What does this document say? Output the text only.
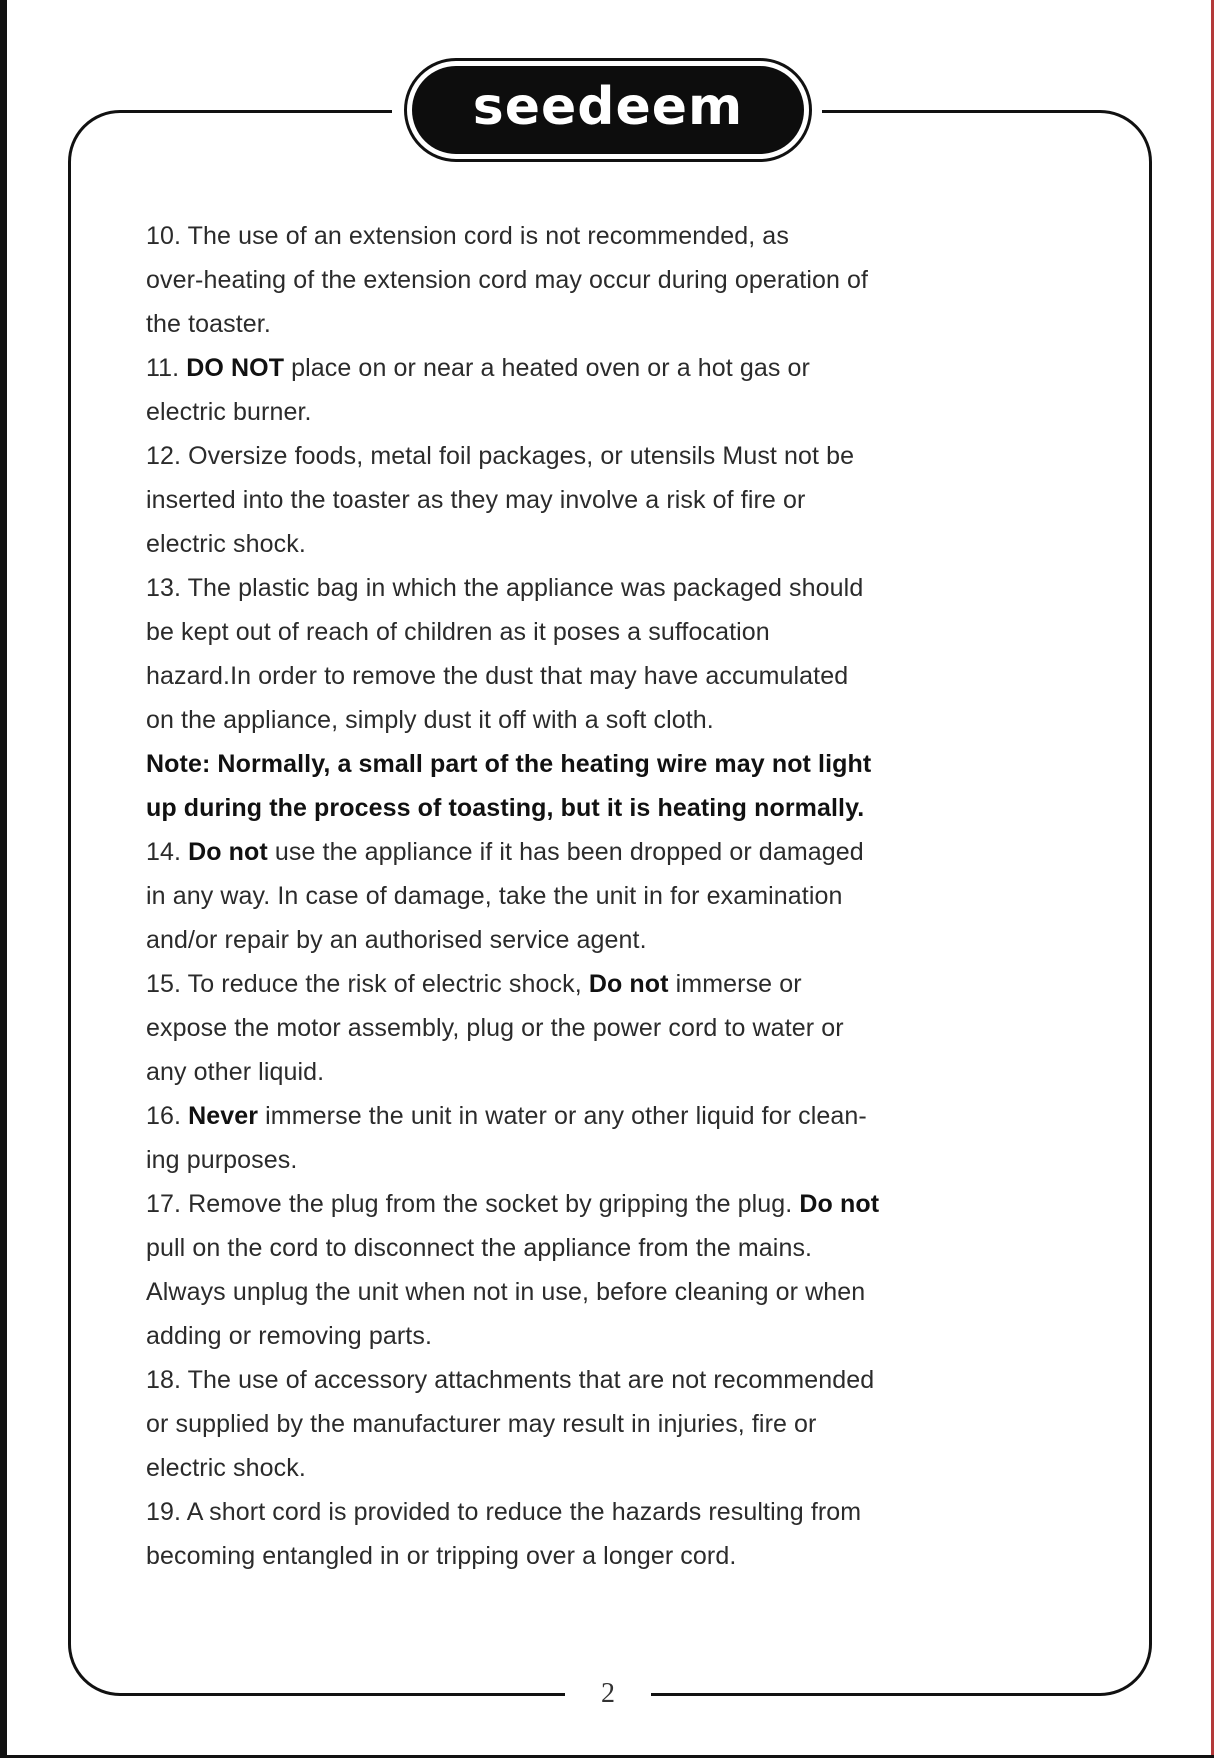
seedeem
10. The use of an extension cord is not recommended, as
over-heating of the extension cord may occur during operation of
the toaster.
11. DO NOT place on or near a heated oven or a hot gas or
electric burner.
12. Oversize foods, metal foil packages, or utensils Must not be
inserted into the toaster as they may involve a risk of fire or
electric shock.
13. The plastic bag in which the appliance was packaged should
be kept out of reach of children as it poses a suffocation
hazard.In order to remove the dust that may have accumulated
on the appliance, simply dust it off with a soft cloth.
Note: Normally, a small part of the heating wire may not light
up during the process of toasting, but it is heating normally.
14. Do not use the appliance if it has been dropped or damaged
in any way. In case of damage, take the unit in for examination
and/or repair by an authorised service agent.
15. To reduce the risk of electric shock, Do not immerse or
expose the motor assembly, plug or the power cord to water or
any other liquid.
16. Never immerse the unit in water or any other liquid for clean-
ing purposes.
17. Remove the plug from the socket by gripping the plug. Do not
pull on the cord to disconnect the appliance from the mains.
Always unplug the unit when not in use, before cleaning or when
adding or removing parts.
18. The use of accessory attachments that are not recommended
or supplied by the manufacturer may result in injuries, fire or
electric shock.
19. A short cord is provided to reduce the hazards resulting from
becoming entangled in or tripping over a longer cord.
2
